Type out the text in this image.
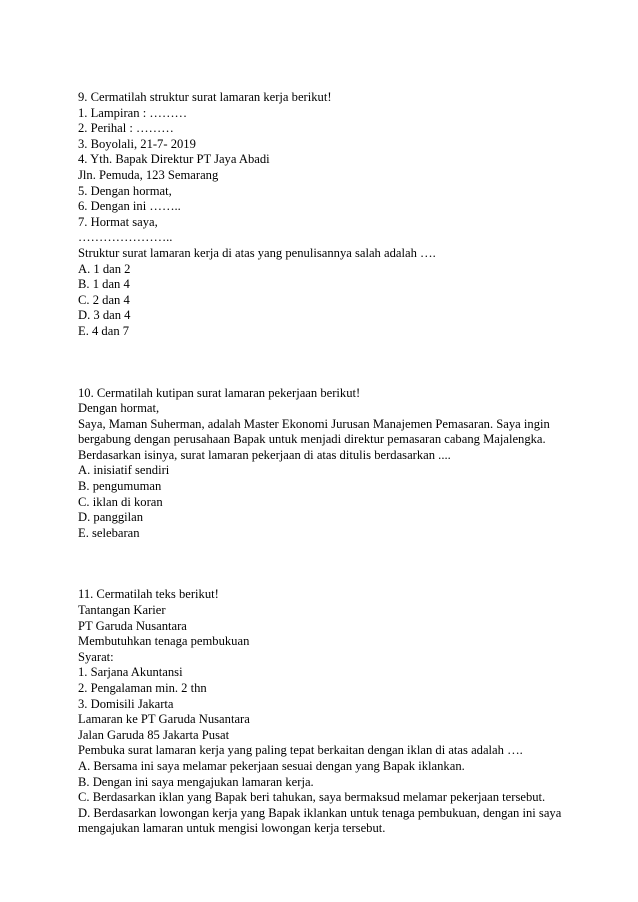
9. Cermatilah struktur surat lamaran kerja berikut!
1. Lampiran : ………
2. Perihal : ………
3. Boyolali, 21-7- 2019
4. Yth. Bapak Direktur PT Jaya Abadi
Jln. Pemuda, 123 Semarang
5. Dengan hormat,
6. Dengan ini ……..
7. Hormat saya,
…………………..
Struktur surat lamaran kerja di atas yang penulisannya salah adalah ….
A. 1 dan 2
B. 1 dan 4
C. 2 dan 4
D. 3 dan 4
E. 4 dan 7
10. Cermatilah kutipan surat lamaran pekerjaan berikut!
Dengan hormat,
Saya, Maman Suherman, adalah Master Ekonomi Jurusan Manajemen Pemasaran. Saya ingin bergabung dengan perusahaan Bapak untuk menjadi direktur pemasaran cabang Majalengka.
Berdasarkan isinya, surat lamaran pekerjaan di atas ditulis berdasarkan ....
A. inisiatif sendiri
B. pengumuman
C. iklan di koran
D. panggilan
E. selebaran
11. Cermatilah teks berikut!
Tantangan Karier
PT Garuda Nusantara
Membutuhkan tenaga pembukuan
Syarat:
1. Sarjana Akuntansi
2. Pengalaman min. 2 thn
3. Domisili Jakarta
Lamaran ke PT Garuda Nusantara
Jalan Garuda 85 Jakarta Pusat
Pembuka surat lamaran kerja yang paling tepat berkaitan dengan iklan di atas adalah ….
A. Bersama ini saya melamar pekerjaan sesuai dengan yang Bapak iklankan.
B. Dengan ini saya mengajukan lamaran kerja.
C. Berdasarkan iklan yang Bapak beri tahukan, saya bermaksud melamar pekerjaan tersebut.
D. Berdasarkan lowongan kerja yang Bapak iklankan untuk tenaga pembukuan, dengan ini saya mengajukan lamaran untuk mengisi lowongan kerja tersebut.
